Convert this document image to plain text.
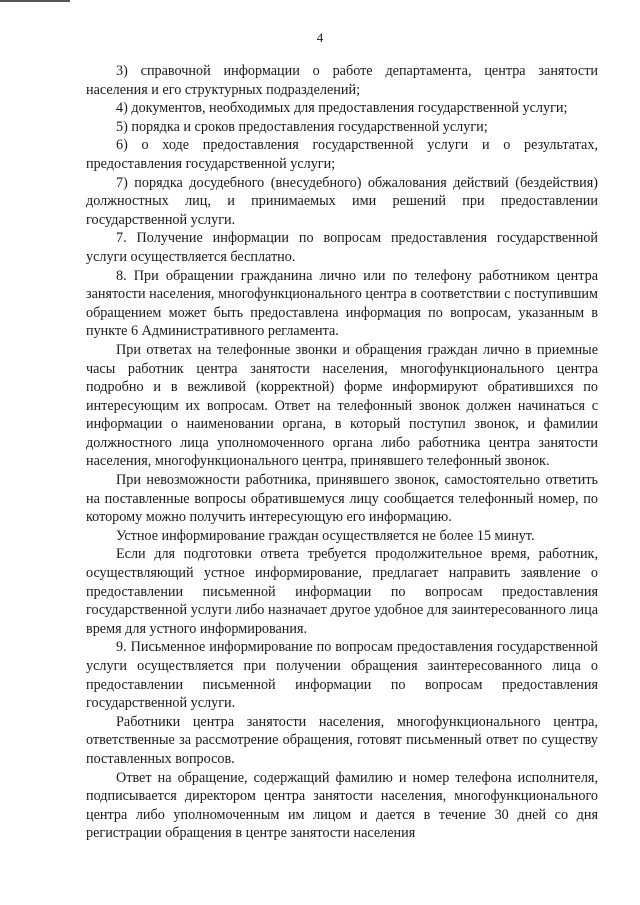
4

3) справочной информации о работе департамента, центра занятости населения и его структурных подразделений;

4) документов, необходимых для предоставления государственной услуги;

5) порядка и сроков предоставления государственной услуги;

6) о ходе предоставления государственной услуги и о результатах, предоставления государственной услуги;

7) порядка досудебного (внесудебного) обжалования действий (бездействия) должностных лиц, и принимаемых ими решений при предоставлении государственной услуги.

7. Получение информации по вопросам предоставления государственной услуги осуществляется бесплатно.

8. При обращении гражданина лично или по телефону работником центра занятости населения, многофункционального центра в соответствии с поступившим обращением может быть предоставлена информация по вопросам, указанным в пункте 6 Административного регламента.

При ответах на телефонные звонки и обращения граждан лично в приемные часы работник центра занятости населения, многофункционального центра подробно и в вежливой (корректной) форме информируют обратившихся по интересующим их вопросам. Ответ на телефонный звонок должен начинаться с информации о наименовании органа, в который поступил звонок, и фамилии должностного лица уполномоченного органа либо работника центра занятости населения, многофункционального центра, принявшего телефонный звонок.

При невозможности работника, принявшего звонок, самостоятельно ответить на поставленные вопросы обратившемуся лицу сообщается телефонный номер, по которому можно получить интересующую его информацию.

Устное информирование граждан осуществляется не более 15 минут.

Если для подготовки ответа требуется продолжительное время, работник, осуществляющий устное информирование, предлагает направить заявление о предоставлении письменной информации по вопросам предоставления государственной услуги либо назначает другое удобное для заинтересованного лица время для устного информирования.

9. Письменное информирование по вопросам предоставления государственной услуги осуществляется при получении обращения заинтересованного лица о предоставлении письменной информации по вопросам предоставления государственной услуги.

Работники центра занятости населения, многофункционального центра, ответственные за рассмотрение обращения, готовят письменный ответ по существу поставленных вопросов.

Ответ на обращение, содержащий фамилию и номер телефона исполнителя, подписывается директором центра занятости населения, многофункционального центра либо уполномоченным им лицом и дается в течение 30 дней со дня регистрации обращения в центре занятости населения
